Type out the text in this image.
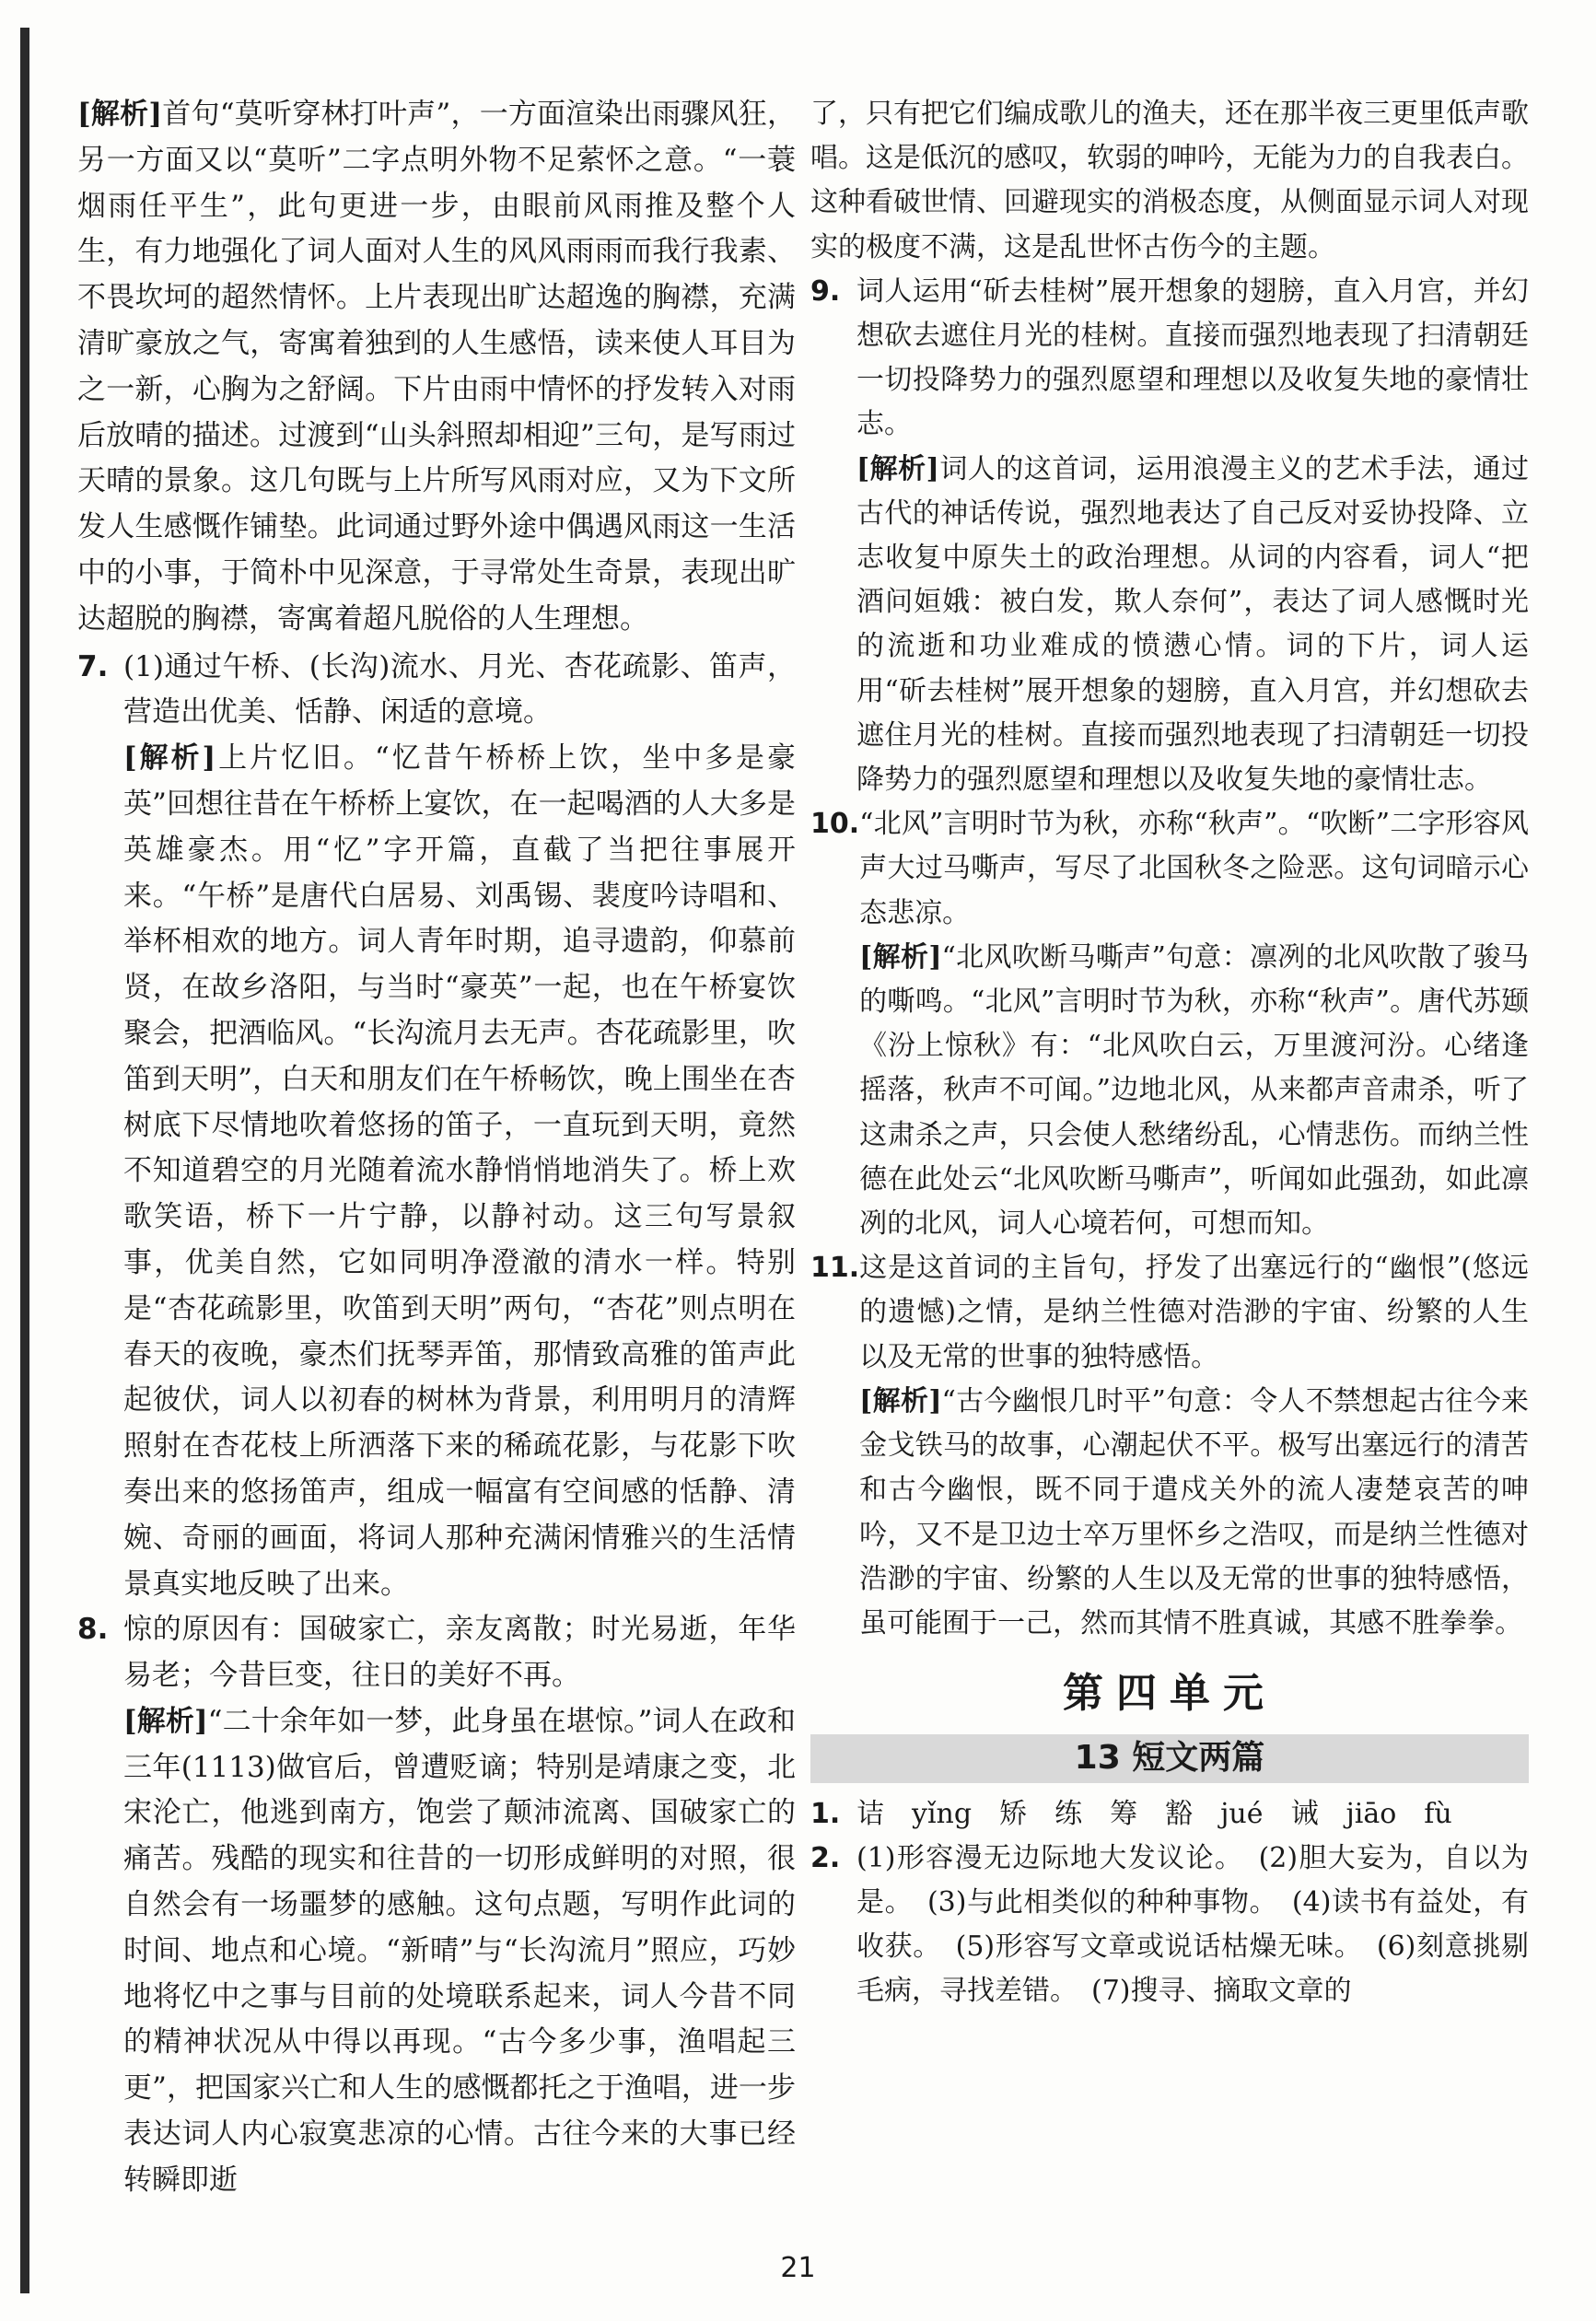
[解析]首句“莫听穿林打叶声”，一方面渲染出雨骤风狂，另一方面又以“莫听”二字点明外物不足萦怀之意。“一蓑烟雨任平生”，此句更进一步，由眼前风雨推及整个人生，有力地强化了词人面对人生的风风雨雨而我行我素、不畏坎坷的超然情怀。上片表现出旷达超逸的胸襟，充满清旷豪放之气，寄寓着独到的人生感悟，读来使人耳目为之一新，心胸为之舒阔。下片由雨中情怀的抒发转入对雨后放晴的描述。过渡到“山头斜照却相迎”三句，是写雨过天晴的景象。这几句既与上片所写风雨对应，又为下文所发人生感慨作铺垫。此词通过野外途中偶遇风雨这一生活中的小事，于简朴中见深意，于寻常处生奇景，表现出旷达超脱的胸襟，寄寓着超凡脱俗的人生理想。
7. (1)通过午桥、(长沟)流水、月光、杏花疏影、笛声，营造出优美、恬静、闲适的意境。

[解析]上片忆旧。“忆昔午桥桥上饮，坐中多是豪英”回想往昔在午桥桥上宴饮，在一起喝酒的人大多是英雄豪杰。用“忆”字开篇，直截了当把往事展开来。“午桥”是唐代白居易、刘禹锡、裴度吟诗唱和、举杯相欢的地方。词人青年时期，追寻遗韵，仰慕前贤，在故乡洛阳，与当时“豪英”一起，也在午桥宴饮聚会，把酒临风。“长沟流月去无声。杏花疏影里，吹笛到天明”，白天和朋友们在午桥畅饮，晚上围坐在杏树底下尽情地吹着悠扬的笛子，一直玩到天明，竟然不知道碧空的月光随着流水静悄悄地消失了。桥上欢歌笑语，桥下一片宁静，以静衬动。这三句写景叙事，优美自然，它如同明净澄澈的清水一样。特别是“杏花疏影里，吹笛到天明”两句，“杏花”则点明在春天的夜晚，豪杰们抚琴弄笛，那情致高雅的笛声此起彼伏，词人以初春的树林为背景，利用明月的清辉照射在杏花枝上所洒落下来的稀疏花影，与花影下吹奏出来的悠扬笛声，组成一幅富有空间感的恬静、清婉、奇丽的画面，将词人那种充满闲情雅兴的生活情景真实地反映了出来。

8. 惊的原因有：国破家亡，亲友离散；时光易逝，年华易老；今昔巨变，往日的美好不再。

[解析]“二十余年如一梦，此身虽在堪惊。”词人在政和三年(1113)做官后，曾遭贬谪；特别是靖康之变，北宋沦亡，他逃到南方，饱尝了颠沛流离、国破家亡的痛苦。残酷的现实和往昔的一切形成鲜明的对照，很自然会有一场噩梦的感触。这句点题，写明作此词的时间、地点和心境。“新晴”与“长沟流月”照应，巧妙地将忆中之事与目前的处境联系起来，词人今昔不同的精神状况从中得以再现。“古今多少事，渔唱起三更”，把国家兴亡和人生的感慨都托之于渔唱，进一步表达词人内心寂寞悲凉的心情。古往今来的大事已经转瞬即逝

了，只有把它们编成歌儿的渔夫，还在那半夜三更里低声歌唱。这是低沉的感叹，软弱的呻吟，无能为力的自我表白。这种看破世情、回避现实的消极态度，从侧面显示词人对现实的极度不满，这是乱世怀古伤今的主题。

9. 词人运用“斫去桂树”展开想象的翅膀，直入月宫，并幻想砍去遮住月光的桂树。直接而强烈地表现了扫清朝廷一切投降势力的强烈愿望和理想以及收复失地的豪情壮志。

[解析]词人的这首词，运用浪漫主义的艺术手法，通过古代的神话传说，强烈地表达了自己反对妥协投降、立志收复中原失土的政治理想。从词的内容看，词人“把酒问姮娥：被白发，欺人奈何”，表达了词人感慨时光的流逝和功业难成的愤懑心情。词的下片，词人运用“斫去桂树”展开想象的翅膀，直入月宫，并幻想砍去遮住月光的桂树。直接而强烈地表现了扫清朝廷一切投降势力的强烈愿望和理想以及收复失地的豪情壮志。

10. “北风”言明时节为秋，亦称“秋声”。“吹断”二字形容风声大过马嘶声，写尽了北国秋冬之险恶。这句词暗示心态悲凉。

[解析]“北风吹断马嘶声”句意：凛冽的北风吹散了骏马的嘶鸣。“北风”言明时节为秋，亦称“秋声”。唐代苏颋《汾上惊秋》有：“北风吹白云，万里渡河汾。心绪逢摇落，秋声不可闻。”边地北风，从来都声音肃杀，听了这肃杀之声，只会使人愁绪纷乱，心情悲伤。而纳兰性德在此处云“北风吹断马嘶声”，听闻如此强劲，如此凛冽的北风，词人心境若何，可想而知。

11. 这是这首词的主旨句，抒发了出塞远行的“幽恨”(悠远的遗憾)之情，是纳兰性德对浩渺的宇宙、纷繁的人生以及无常的世事的独特感悟。

[解析]“古今幽恨几时平”句意：令人不禁想起古往今来金戈铁马的故事，心潮起伏不平。极写出塞远行的清苦和古今幽恨，既不同于遣戍关外的流人凄楚哀苦的呻吟，又不是卫边士卒万里怀乡之浩叹，而是纳兰性德对浩渺的宇宙、纷繁的人生以及无常的世事的独特感悟，虽可能囿于一己，然而其情不胜真诚，其感不胜拳拳。

第四单元
13 短文两篇
1. 诘　yǐng　矫　练　筹　豁　jué　诫　jiāo　fù

2. (1)形容漫无边际地大发议论。　(2)胆大妄为，自以为是。　(3)与此相类似的种种事物。　(4)读书有益处，有收获。　(5)形容写文章或说话枯燥无味。　(6)刻意挑剔毛病，寻找差错。　(7)搜寻、摘取文章的

21
